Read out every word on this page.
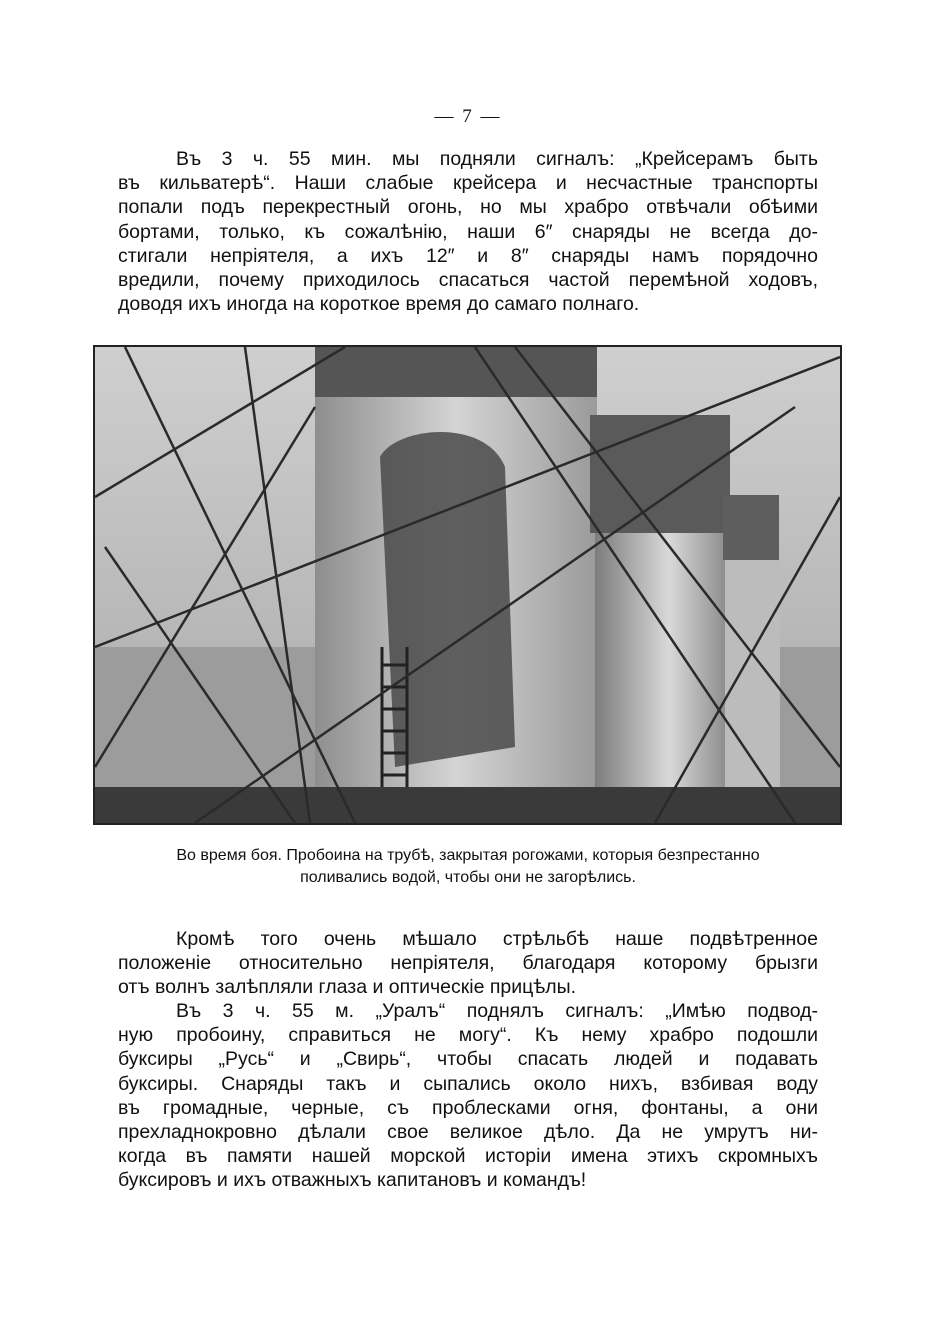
— 7 —
Въ 3 ч. 55 мин. мы подняли сигналъ: „Крейсерамъ быть
въ кильватерѣ“. Наши слабые крейсера и несчастные транспорты
попали подъ перекрестный огонь, но мы храбро отвѣчали обѣими
бортами, только, къ сожалѣнію, наши 6″ снаряды не всегда до-
стигали непріятеля, а ихъ 12″ и 8″ снаряды намъ порядочно
вредили, почему приходилось спасаться частой перемѣной ходовъ,
доводя ихъ иногда на короткое время до самаго полнаго.
Во время боя. Пробоина на трубѣ, закрытая рогожами, которыя безпрестанно
поливались водой, чтобы они не загорѣлись.
Кромѣ того очень мѣшало стрѣльбѣ наше подвѣтренное
положеніе относительно непріятеля, благодаря которому брызги
отъ волнъ залѣпляли глаза и оптическіе прицѣлы.
Въ 3 ч. 55 м. „Уралъ“ поднялъ сигналъ: „Имѣю подвод-
ную пробоину, справиться не могу“. Къ нему храбро подошли
буксиры „Русь“ и „Свирь“, чтобы спасать людей и подавать
буксиры. Снаряды такъ и сыпались около нихъ, взбивая воду
въ громадные, черные, съ проблесками огня, фонтаны, а они
прехладнокровно дѣлали свое великое дѣло. Да не умрутъ ни-
когда въ памяти нашей морской исторіи имена этихъ скромныхъ
буксировъ и ихъ отважныхъ капитановъ и командъ!
